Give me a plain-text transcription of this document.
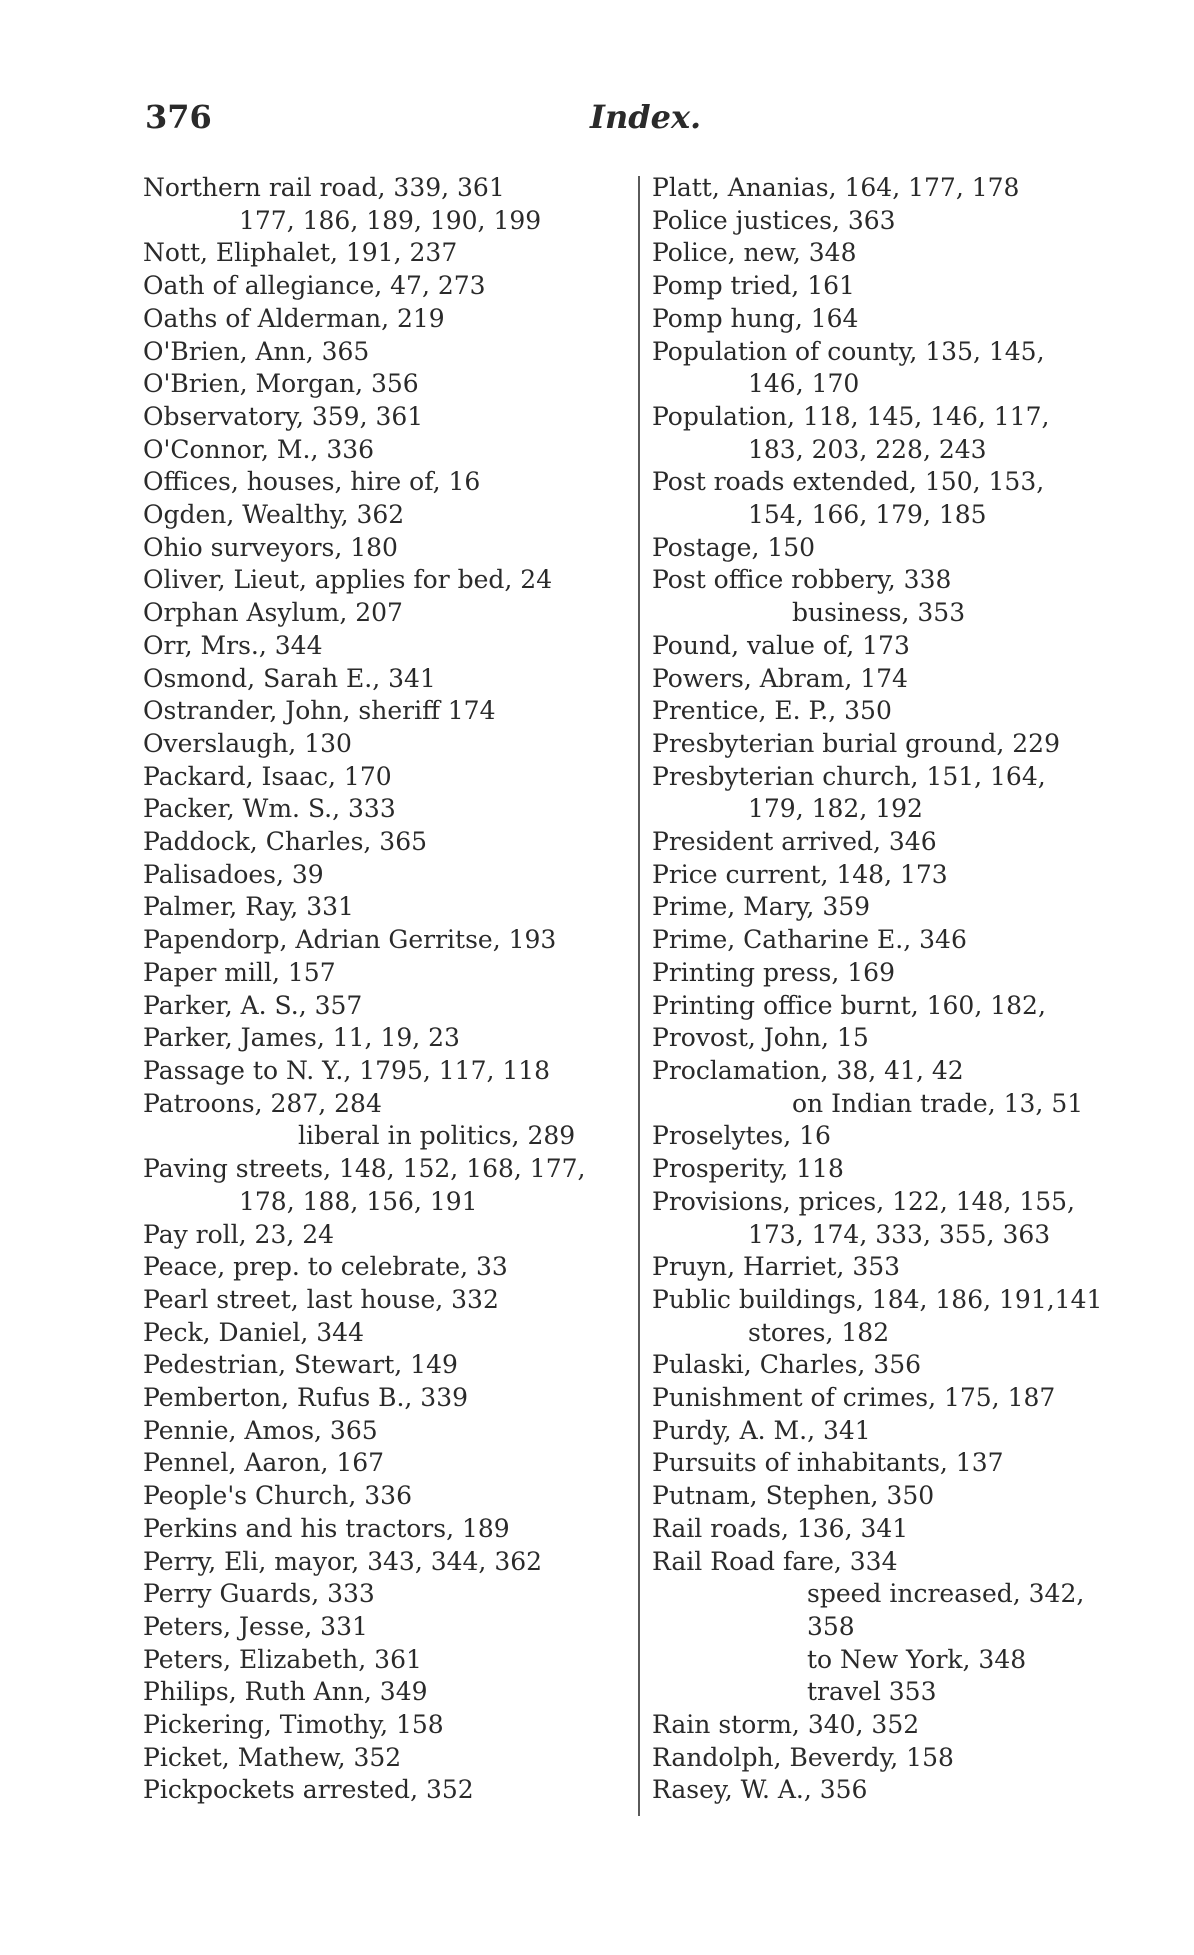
376	Index.
Northern rail road, 339, 361
177, 186, 189, 190, 199
Nott, Eliphalet, 191, 237
Oath of allegiance, 47, 273
Oaths of Alderman, 219
O'Brien, Ann, 365
O'Brien, Morgan, 356
Observatory, 359, 361
O'Connor, M., 336
Offices, houses, hire of, 16
Ogden, Wealthy, 362
Ohio surveyors, 180
Oliver, Lieut, applies for bed, 24
Orphan Asylum, 207
Orr, Mrs., 344
Osmond, Sarah E., 341
Ostrander, John, sheriff 174
Overslaugh, 130
Packard, Isaac, 170
Packer, Wm. S., 333
Paddock, Charles, 365
Palisadoes, 39
Palmer, Ray, 331
Papendorp, Adrian Gerritse, 193
Paper mill, 157
Parker, A. S., 357
Parker, James, 11, 19, 23
Passage to N. Y., 1795, 117, 118
Patroons, 287, 284
liberal in politics, 289
Paving streets, 148, 152, 168, 177,
178, 188, 156, 191
Pay roll, 23, 24
Peace, prep. to celebrate, 33
Pearl street, last house, 332
Peck, Daniel, 344
Pedestrian, Stewart, 149
Pemberton, Rufus B., 339
Pennie, Amos, 365
Pennel, Aaron, 167
People's Church, 336
Perkins and his tractors, 189
Perry, Eli, mayor, 343, 344, 362
Perry Guards, 333
Peters, Jesse, 331
Peters, Elizabeth, 361
Philips, Ruth Ann, 349
Pickering, Timothy, 158
Picket, Mathew, 352
Pickpockets arrested, 352
Platt, Ananias, 164, 177, 178
Police justices, 363
Police, new, 348
Pomp tried, 161
Pomp hung, 164
Population of county, 135, 145,
146, 170
Population, 118, 145, 146, 117,
183, 203, 228, 243
Post roads extended, 150, 153,
154, 166, 179, 185
Postage, 150
Post office robbery, 338
business, 353
Pound, value of, 173
Powers, Abram, 174
Prentice, E. P., 350
Presbyterian burial ground, 229
Presbyterian church, 151, 164,
179, 182, 192
President arrived, 346
Price current, 148, 173
Prime, Mary, 359
Prime, Catharine E., 346
Printing press, 169
Printing office burnt, 160, 182,
Provost, John, 15
Proclamation, 38, 41, 42
on Indian trade, 13, 51
Proselytes, 16
Prosperity, 118
Provisions, prices, 122, 148, 155,
173, 174, 333, 355, 363
Pruyn, Harriet, 353
Public buildings, 184, 186, 191,141
stores, 182
Pulaski, Charles, 356
Punishment of crimes, 175, 187
Purdy, A. M., 341
Pursuits of inhabitants, 137
Putnam, Stephen, 350
Rail roads, 136, 341
Rail Road fare, 334
speed increased, 342,
358
to New York, 348
travel 353
Rain storm, 340, 352
Randolph, Beverdy, 158
Rasey, W. A., 356
